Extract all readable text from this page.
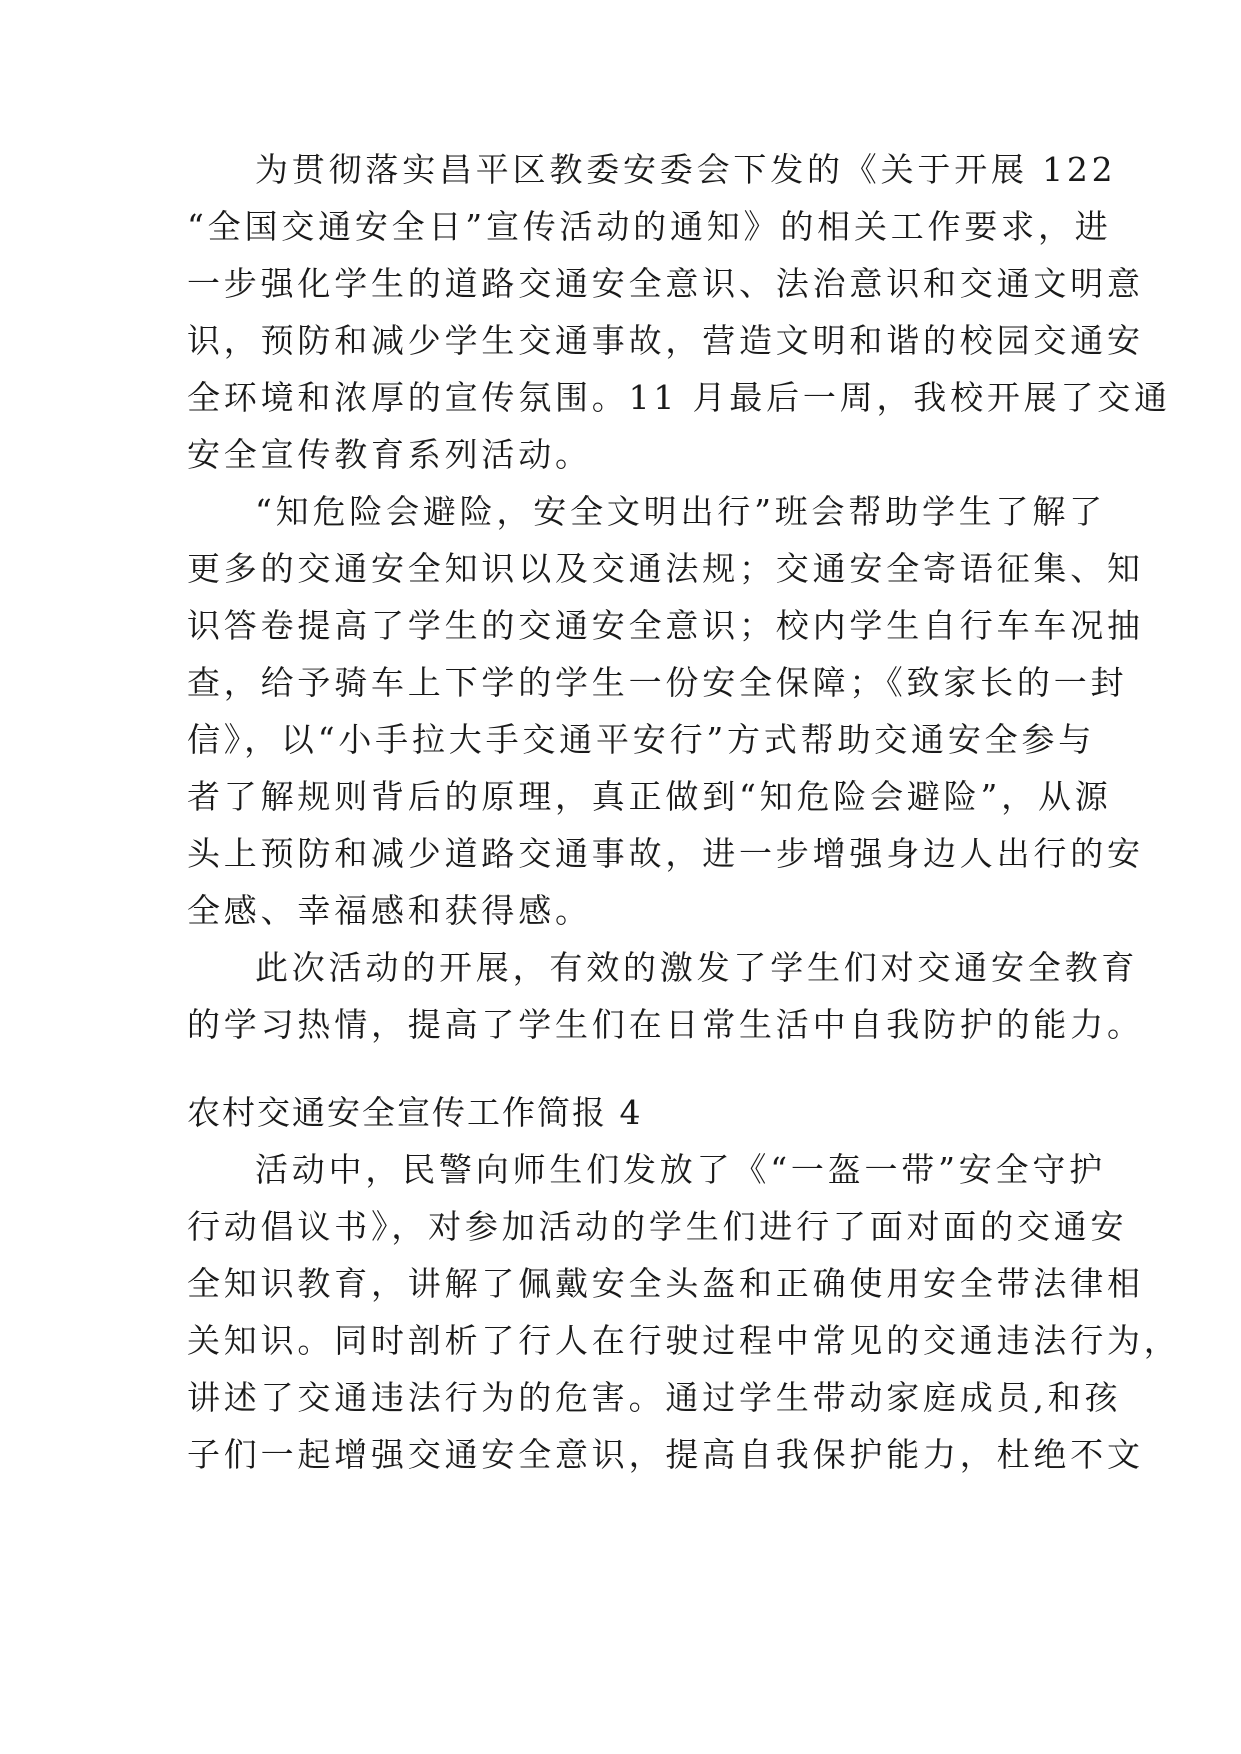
为贯彻落实昌平区教委安委会下发的《关于开展 122
“全国交通安全日”宣传活动的通知》的相关工作要求，进
一步强化学生的道路交通安全意识、法治意识和交通文明意
识，预防和减少学生交通事故，营造文明和谐的校园交通安
全环境和浓厚的宣传氛围。11 月最后一周，我校开展了交通
安全宣传教育系列活动。
“知危险会避险，安全文明出行”班会帮助学生了解了
更多的交通安全知识以及交通法规；交通安全寄语征集、知
识答卷提高了学生的交通安全意识；校内学生自行车车况抽
查，给予骑车上下学的学生一份安全保障；《致家长的一封
信》，以“小手拉大手交通平安行”方式帮助交通安全参与
者了解规则背后的原理，真正做到“知危险会避险”，从源
头上预防和减少道路交通事故，进一步增强身边人出行的安
全感、幸福感和获得感。
此次活动的开展，有效的激发了学生们对交通安全教育
的学习热情，提高了学生们在日常生活中自我防护的能力。
农村交通安全宣传工作简报 4
活动中，民警向师生们发放了《“一盔一带”安全守护
行动倡议书》，对参加活动的学生们进行了面对面的交通安
全知识教育，讲解了佩戴安全头盔和正确使用安全带法律相
关知识。同时剖析了行人在行驶过程中常见的交通违法行为，
讲述了交通违法行为的危害。通过学生带动家庭成员,和孩
子们一起增强交通安全意识，提高自我保护能力，杜绝不文
